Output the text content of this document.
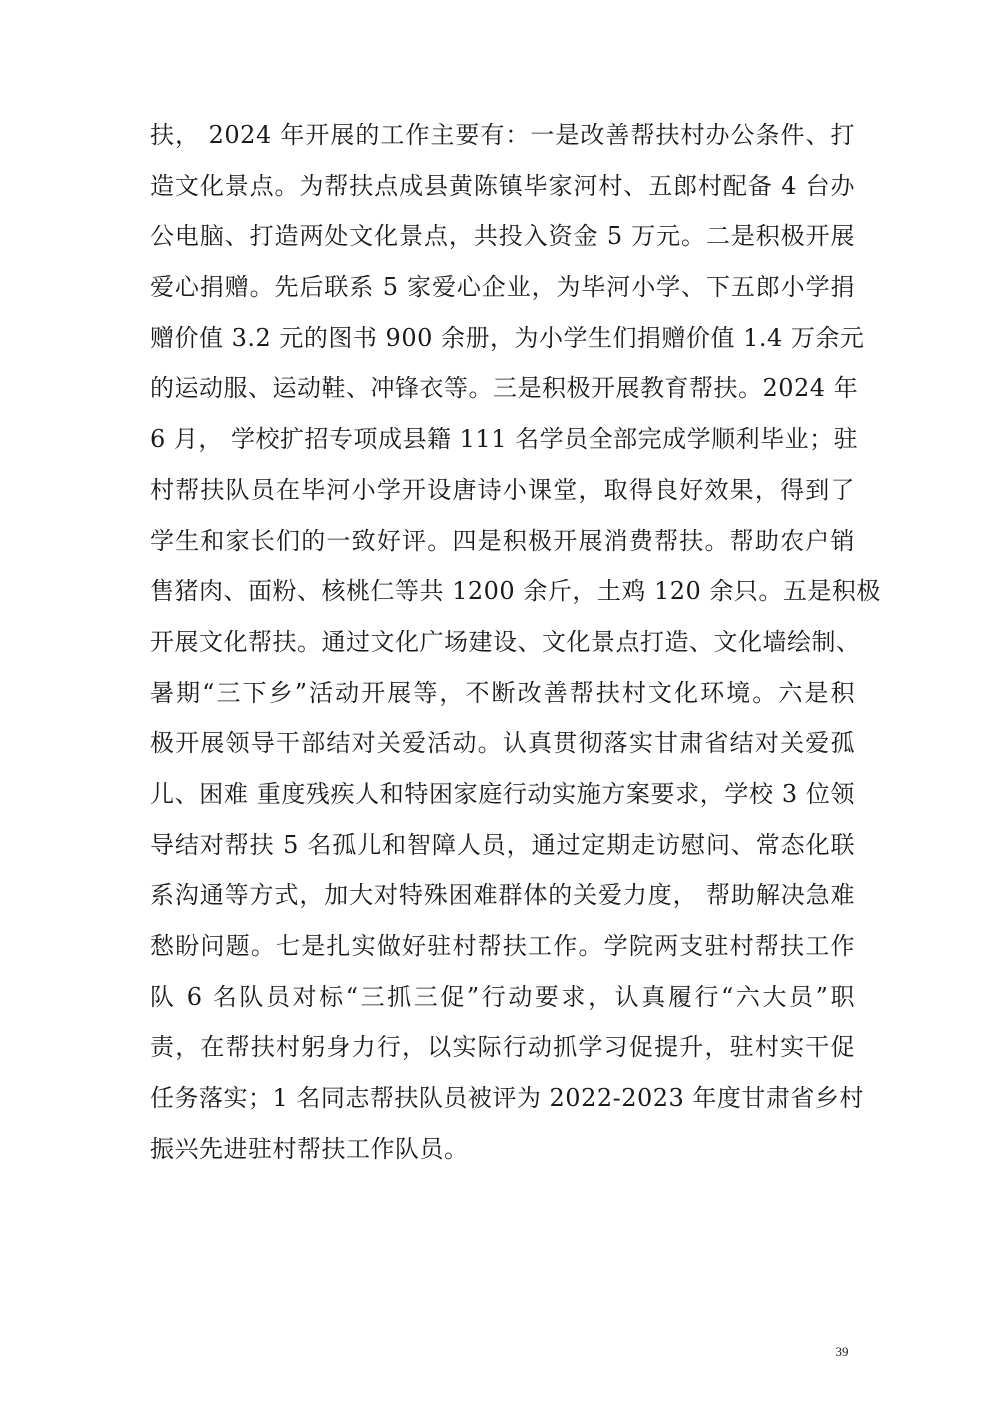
扶， 2024 年开展的工作主要有：一是改善帮扶村办公条件、打
造文化景点。为帮扶点成县黄陈镇毕家河村、五郎村配备 4 台办
公电脑、打造两处文化景点，共投入资金 5 万元。二是积极开展
爱心捐赠。先后联系 5 家爱心企业，为毕河小学、下五郎小学捐
赠价值 3.2 元的图书 900 余册，为小学生们捐赠价值 1.4 万余元
的运动服、运动鞋、冲锋衣等。三是积极开展教育帮扶。2024 年
6 月， 学校扩招专项成县籍 111 名学员全部完成学顺利毕业；驻
村帮扶队员在毕河小学开设唐诗小课堂，取得良好效果，得到了
学生和家长们的一致好评。四是积极开展消费帮扶。帮助农户销
售猪肉、面粉、核桃仁等共 1200 余斤，土鸡 120 余只。五是积极
开展文化帮扶。通过文化广场建设、文化景点打造、文化墙绘制、
暑期“三下乡”活动开展等，不断改善帮扶村文化环境。六是积
极开展领导干部结对关爱活动。认真贯彻落实甘肃省结对关爱孤
儿、困难 重度残疾人和特困家庭行动实施方案要求，学校 3 位领
导结对帮扶 5 名孤儿和智障人员，通过定期走访慰问、常态化联
系沟通等方式，加大对特殊困难群体的关爱力度， 帮助解决急难
愁盼问题。七是扎实做好驻村帮扶工作。学院两支驻村帮扶工作
队 6 名队员对标“三抓三促”行动要求，认真履行“六大员”职
责，在帮扶村躬身力行，以实际行动抓学习促提升，驻村实干促
任务落实；1 名同志帮扶队员被评为 2022-2023 年度甘肃省乡村
振兴先进驻村帮扶工作队员。
39
